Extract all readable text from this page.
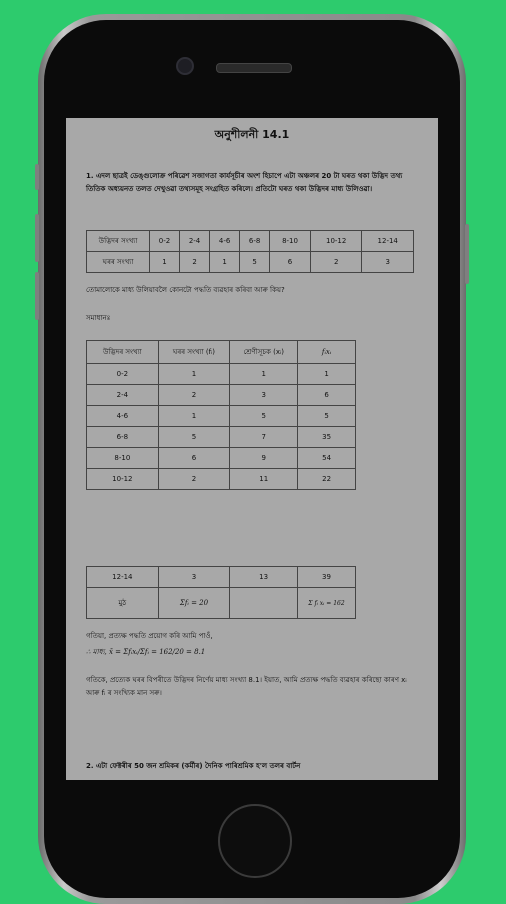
অনুশীলনী 14.1
1. এদল ছাত্রই ডেঙ্গুলোক্ৰ পৰিৱেশ সজাগতা কাৰ্যসূচীৰ অংশ হিচাপে এটা অঞ্চলৰ 20 টা ঘৰত থকা উদ্ভিদ তথ্য তিতিক অধ্যয়নত তলত দেখুওৱা তথ্যসমূহ সংগ্ৰহিত কৰিলে। প্ৰতিটো ঘৰত থকা উদ্ভিদৰ মাধ্য উলিওৱা।
উদ্ভিদৰ সংখ্যা	0-2	2-4	4-6	6-8	8-10	10-12	12-14
ঘৰৰ সংখ্যা	1	2	1	5	6	2	3
তোমালোকে মাধ্য উলিয়াবলৈ কোনটো পদ্ধতি ব্যৱহাৰ কৰিবা আৰু কিয়?
সমাধানঃ
উদ্ভিদৰ সংখ্যা	ঘৰৰ সংখ্যা (fᵢ)	শ্ৰেণীসূচক (xᵢ)	fᵢxᵢ
0-2	1	1	1
2-4	2	3	6
4-6	1	5	5
6-8	5	7	35
8-10	6	9	54
10-12	2	11	22
12-14	3	13	39
মুঠ	Σfᵢ = 20		Σ fᵢ xᵢ = 162
গতিয়া, প্ৰত্যক্ষ পদ্ধতি প্ৰয়োগ কৰি আমি পাওঁ,
∴ মাধ্য, x̄ = Σfᵢxᵢ/Σfᵢ = 162/20 = 8.1
গতিকে, প্ৰত্যেক ঘৰৰ বিপৰীতে উদ্ভিদৰ নিৰ্ণেয় মাধ্য সংখ্যা 8.1। ইয়াত, আমি প্ৰত্যক্ষ পদ্ধতি ব্যৱহাৰ কৰিছো কাৰণ xᵢ আৰু fᵢ ৰ সংখ্যিক মান সৰু।
2. এটা ফেক্টৰীৰ 50 জন শ্ৰমিকৰ (কৰ্মীৰ) দৈনিক পাৰিশ্ৰমিক হ'ল তলৰ বাৰ্টন
